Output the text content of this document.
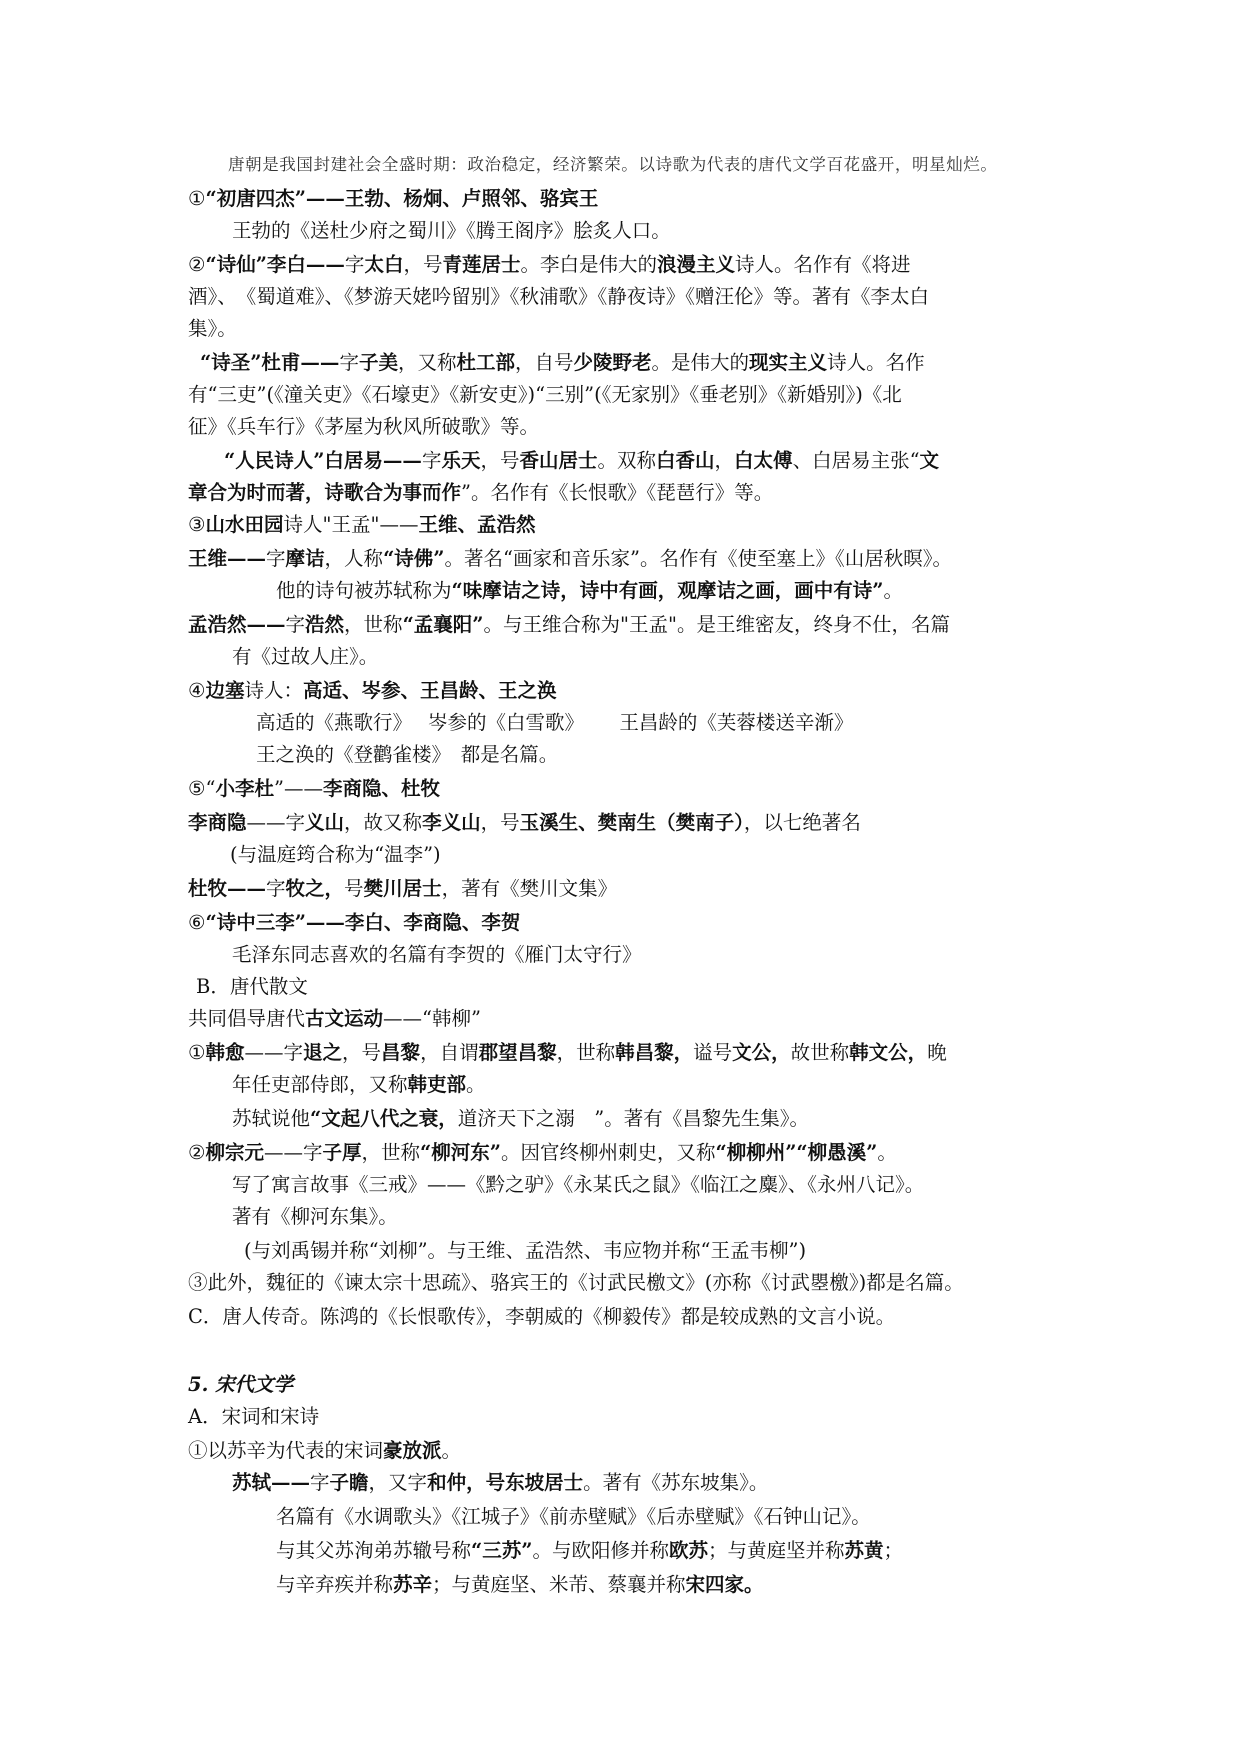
唐朝是我国封建社会全盛时期：政治稳定，经济繁荣。以诗歌为代表的唐代文学百花盛开，明星灿烂。
①“初唐四杰”——王勃、杨炯、卢照邻、骆宾王
王勃的《送杜少府之蜀川》《腾王阁序》脍炙人口。
②“诗仙”李白——字太白，号青莲居士。李白是伟大的浪漫主义诗人。名作有《将进
酒》、　《蜀道难》、《梦游天姥吟留别》《秋浦歌》《静夜诗》《赠汪伦》等。著有《李太白
集》。
“诗圣”杜甫——字子美，又称杜工部，自号少陵野老。是伟大的现实主义诗人。名作
有“三吏”(《潼关吏》《石壕吏》《新安吏》)“三别”(《无家别》《垂老别》《新婚别》)《北
征》《兵车行》《茅屋为秋风所破歌》等。
“人民诗人”白居易——字乐天，号香山居士。双称白香山，白太傅、白居易主张“文
章合为时而著，诗歌合为事而作”。名作有《长恨歌》《琵琶行》等。
③山水田园诗人"王孟"——王维、孟浩然
王维——字摩诘，人称“诗佛”。著名“画家和音乐家”。名作有《使至塞上》《山居秋暝》。
他的诗句被苏轼称为“味摩诘之诗，诗中有画，观摩诘之画，画中有诗”。
孟浩然——字浩然，世称“孟襄阳”。与王维合称为"王孟"。是王维密友，终身不仕，名篇
有《过故人庄》。
④边塞诗人：高适、岑参、王昌龄、王之涣
高适的《燕歌行》　 岑参的《白雪歌》　　 王昌龄的《芙蓉楼送辛渐》
王之涣的《登鹳雀楼》　都是名篇。
⑤“小李杜”——李商隐、杜牧
李商隐——字义山，故又称李义山，号玉溪生、樊南生（樊南子），以七绝著名
(与温庭筠合称为“温李”)
杜牧——字牧之，号樊川居士，著有《樊川文集》
⑥“诗中三李”——李白、李商隐、李贺
毛泽东同志喜欢的名篇有李贺的《雁门太守行》
B．唐代散文
共同倡导唐代古文运动——“韩柳”
①韩愈——字退之，号昌黎，自谓郡望昌黎，世称韩昌黎，谥号文公，故世称韩文公，晚
年任吏部侍郎，又称韩吏部。
苏轼说他“文起八代之衰，道济天下之溺　”。著有《昌黎先生集》。
②柳宗元——字子厚，世称“柳河东”。因官终柳州刺史，又称“柳柳州”“柳愚溪”。
写了寓言故事《三戒》——《黔之驴》《永某氏之鼠》《临江之麋》、《永州八记》。
著有《柳河东集》。
(与刘禹锡并称“刘柳”。与王维、孟浩然、韦应物并称“王孟韦柳”)
③此外，魏征的《谏太宗十思疏》、骆宾王的《讨武民檄文》(亦称《讨武瞾檄》)都是名篇。
C．唐人传奇。陈鸿的《长恨歌传》，李朝威的《柳毅传》都是较成熟的文言小说。
5. 宋代文学
A．宋词和宋诗
①以苏辛为代表的宋词豪放派。
苏轼——字子瞻，又字和仲，号东坡居士。著有《苏东坡集》。
名篇有《水调歌头》《江城子》《前赤壁赋》《后赤壁赋》《石钟山记》。
与其父苏洵弟苏辙号称“三苏”。与欧阳修并称欧苏；与黄庭坚并称苏黄；
与辛弃疾并称苏辛；与黄庭坚、米芾、蔡襄并称宋四家。
